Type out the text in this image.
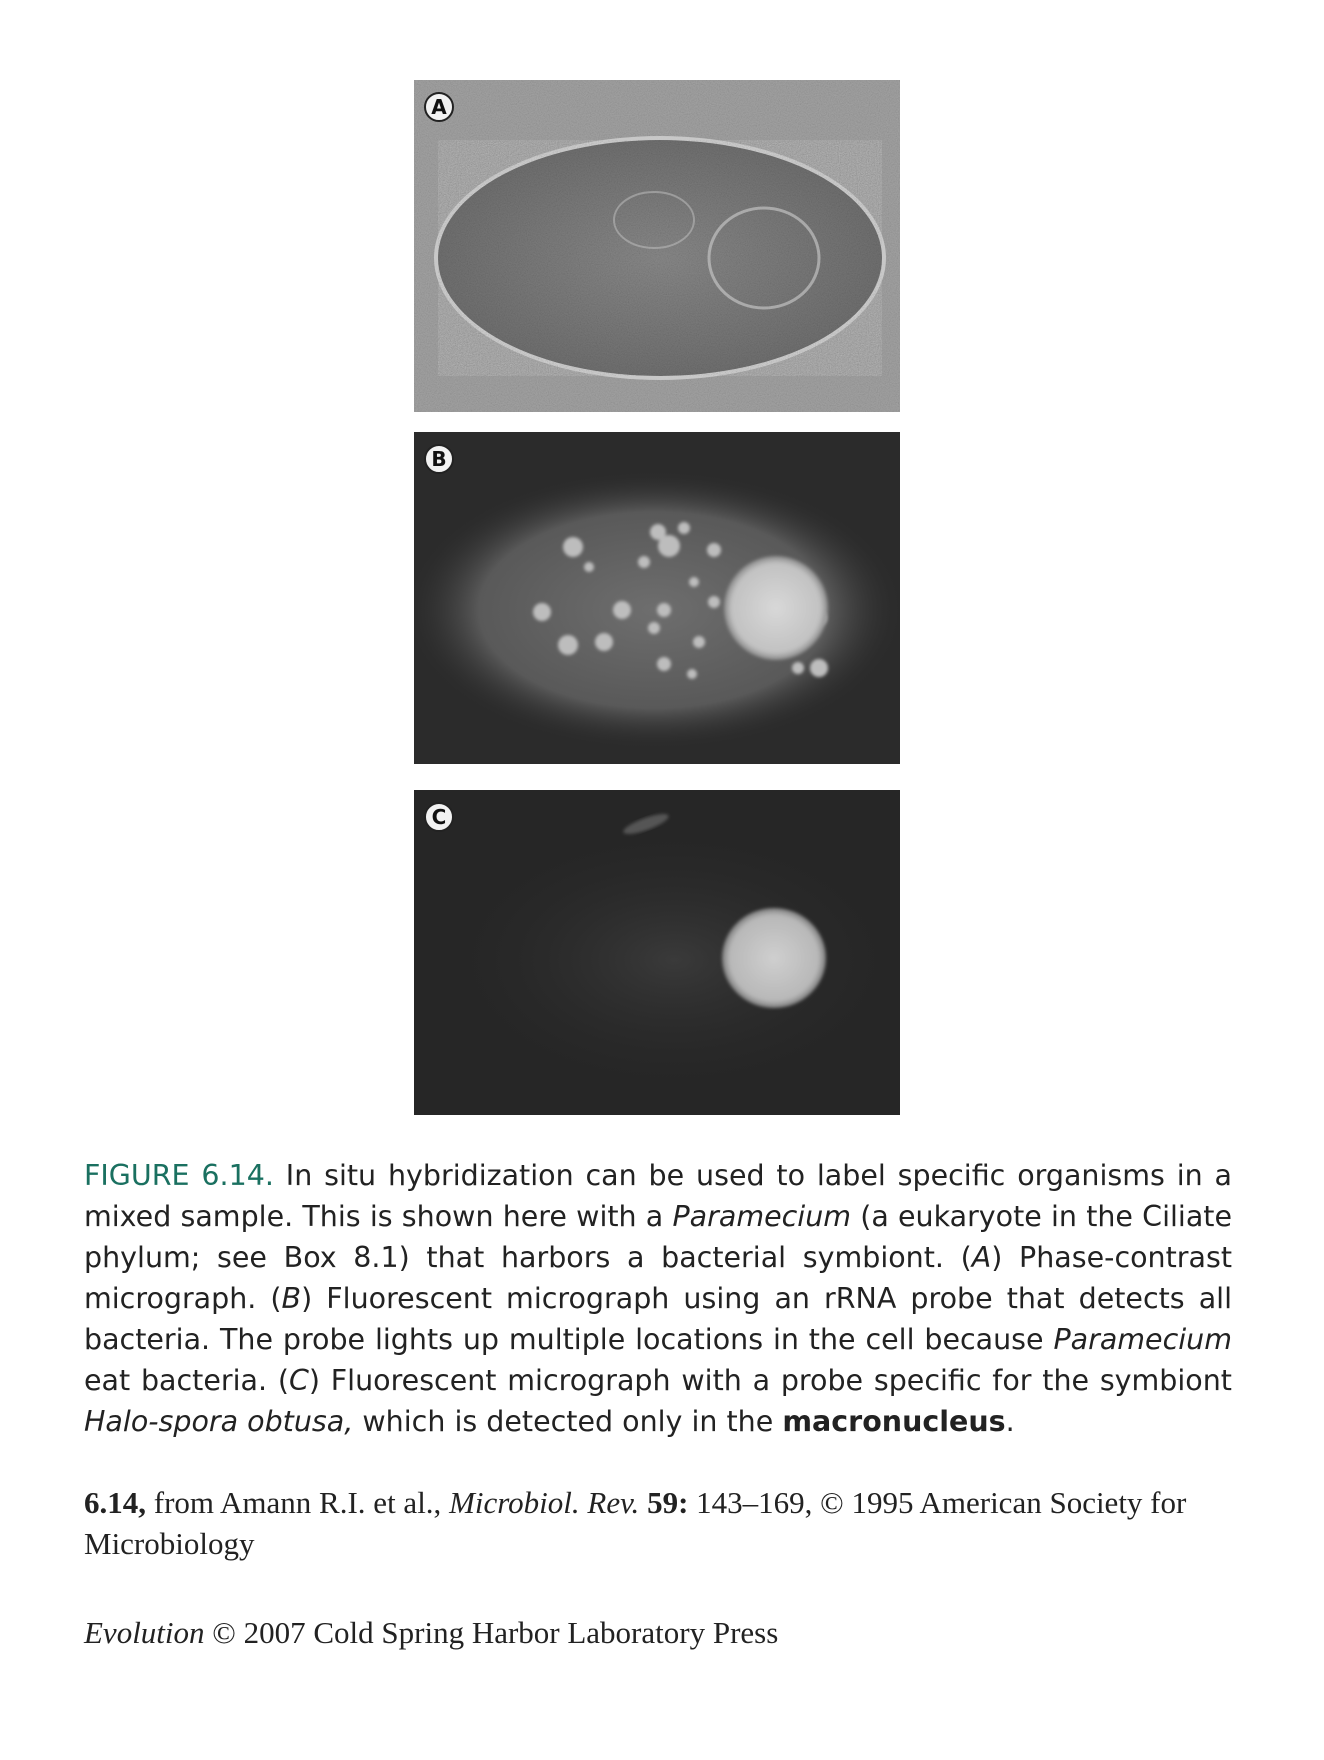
A
B
C

FIGURE 6.14. In situ hybridization can be used to label specific organisms in a mixed sample. This is shown here with a Paramecium (a eukaryote in the Ciliate phylum; see Box 8.1) that harbors a bacterial symbiont. (A) Phase-contrast micrograph. (B) Fluorescent micrograph using an rRNA probe that detects all bacteria. The probe lights up multiple locations in the cell because Paramecium eat bacteria. (C) Fluorescent micrograph with a probe specific for the symbiont Halo-spora obtusa, which is detected only in the macronucleus.

6.14, from Amann R.I. et al., Microbiol. Rev. 59: 143–169, © 1995 American Society for Microbiology

Evolution © 2007 Cold Spring Harbor Laboratory Press
